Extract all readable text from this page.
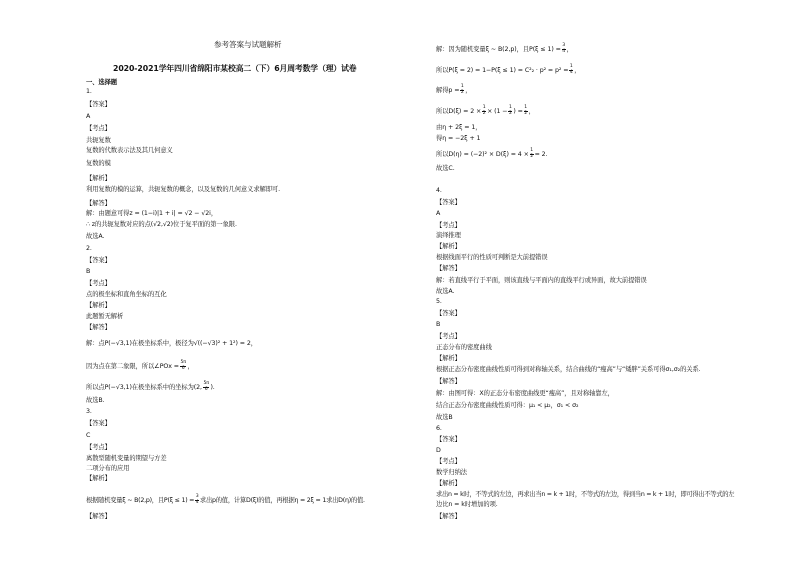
参考答案与试题解析
2020-2021学年四川省绵阳市某校高二（下）6月周考数学（理）试卷
一、选择题
1.
【答案】
A
【考点】
共轭复数
复数的代数表示法及其几何意义
复数的模
【解析】
利用复数的模的运算，共轭复数的概念，以及复数的几何意义求解即可.
【解答】
解：由题意可得z = (1−i)|1 + i| = √2 − √2i，
∴ z的共轭复数对应的点(√2,√2)位于复平面的第一象限.
故选A.
2.
【答案】
B
【考点】
点的极坐标和直角坐标的互化
【解析】
此题暂无解析
【解答】
解：点P(−√3,1)在极坐标系中，极径为√((−√3)² + 1²) = 2，
因为点在第二象限，所以∠POx = $\frac{5\pi}{6}$ ，
所以点P(−√3,1)在极坐标系中的坐标为(2, $\frac{5\pi}{6}$ ).
故选B.
3.
【答案】
C
【考点】
离散型随机变量的期望与方差
二项分布的应用
【解析】
根据随机变量ξ ~ B(2,p)，且$P(\xi \le 1) = \frac{3}{4}$ 求出p的值，计算D(ξ)的值，再根据η = 2ξ = 1求出D(η)的值.
【解答】
解：因为随机变量ξ ~ B(2,p)，且$P(\xi \le 1) = \frac{3}{4}$ ，
所以$P(\xi = 2) = 1-P(\xi \le 1) = C^2_2 \cdot p^2 = p^2 = \frac{1}{4}$ ，
解得$p = \frac{1}{2}$ ，
所以$D(\xi) = 2 \times \frac{1}{2} \times (1 - \frac{1}{2}$ ) = $\frac{1}{2}$ ，
由η + 2ξ = 1，
得η = −2ξ + 1
所以$D(\eta) = (-2)^2 \times D(\xi) = 4 \times \frac{1}{2} = 2$.
故选C.
4.
【答案】
A
【考点】
演绎推理
【解析】
根据线面平行的性质可判断是大前提错误
【解答】
解：若直线平行于平面，则该直线与平面内的直线平行或异面，故大前提错误
故选A.
5.
【答案】
B
【考点】
正态分布的密度曲线
【解析】
根据正态分布密度曲线性质可得到对称轴关系，结合曲线的“瘦高”与“矮胖”关系可得σ₁,σ₂的关系.
【解答】
解：由图可得：X的正态分布密度曲线更“瘦高”，且对称轴靠左，
结合正态分布密度曲线性质可得：μ₁ < μ₂，σ₁ < σ₂
故选B
6.
【答案】
D
【考点】
数学归纳法
【解析】
求出n = k时，不等式的左边，再求出当n = k + 1时，不等式的左边，得到当n = k + 1时，即可得出不等式的左
边比n = k时增加的项.
【解答】
